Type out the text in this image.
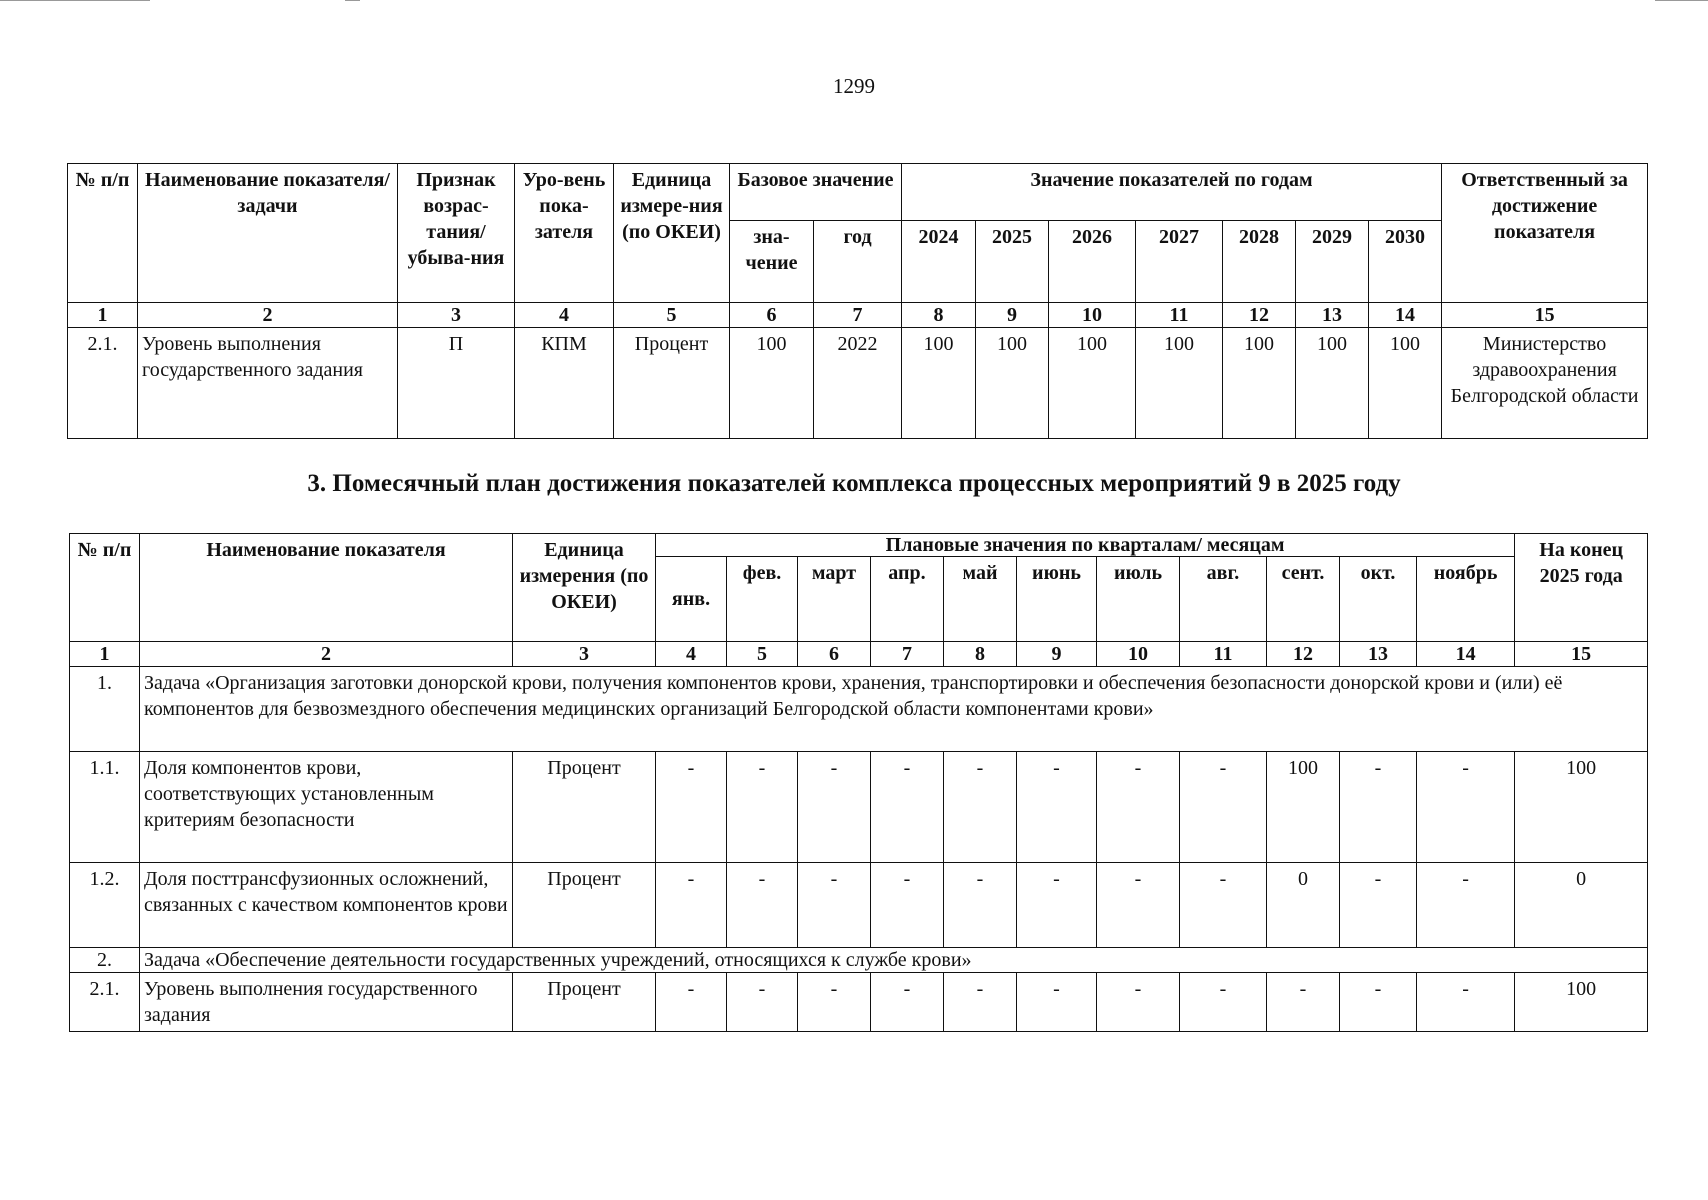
1299
№ п/п	Наименование показателя/ задачи	Признак возрас-тания/ убыва-ния	Уро-вень пока-зателя	Единица измере-ния (по ОКЕИ)	Базовое значение		Значение показателей по годам							Ответственный за достижение показателя
					зна-чение	год	2024	2025	2026	2027	2028	2029	2030	
1	2	3	4	5	6	7	8	9	10	11	12	13	14	15
2.1.	Уровень выполнения государственного задания	П	КПМ	Процент	100	2022	100	100	100	100	100	100	100	Министерство здравоохранения Белгородской области
3. Помесячный план достижения показателей комплекса процессных мероприятий 9 в 2025 году
№ п/п	Наименование показателя	Единица измерения (по ОКЕИ)	Плановые значения по кварталам/ месяцам											На конец 2025 года
			янв.	фев.	март	апр.	май	июнь	июль	авг.	сент.	окт.	ноябрь	
1	2	3	4	5	6	7	8	9	10	11	12	13	14	15
1.	Задача «Организация заготовки донорской крови, получения компонентов крови, хранения, транспортировки и обеспечения безопасности донорской крови и (или) её компонентов для безвозмездного обеспечения медицинских организаций Белгородской области компонентами крови»													
1.1.	Доля компонентов крови, соответствующих установленным критериям безопасности	Процент	-	-	-	-	-	-	-	-	100	-	-	100
1.2.	Доля посттрансфузионных осложнений, связанных с качеством компонентов крови	Процент	-	-	-	-	-	-	-	-	0	-	-	0
2.	Задача «Обеспечение деятельности государственных учреждений, относящихся к службе крови»													
2.1.	Уровень выполнения государственного задания	Процент	-	-	-	-	-	-	-	-	-	-	-	100
